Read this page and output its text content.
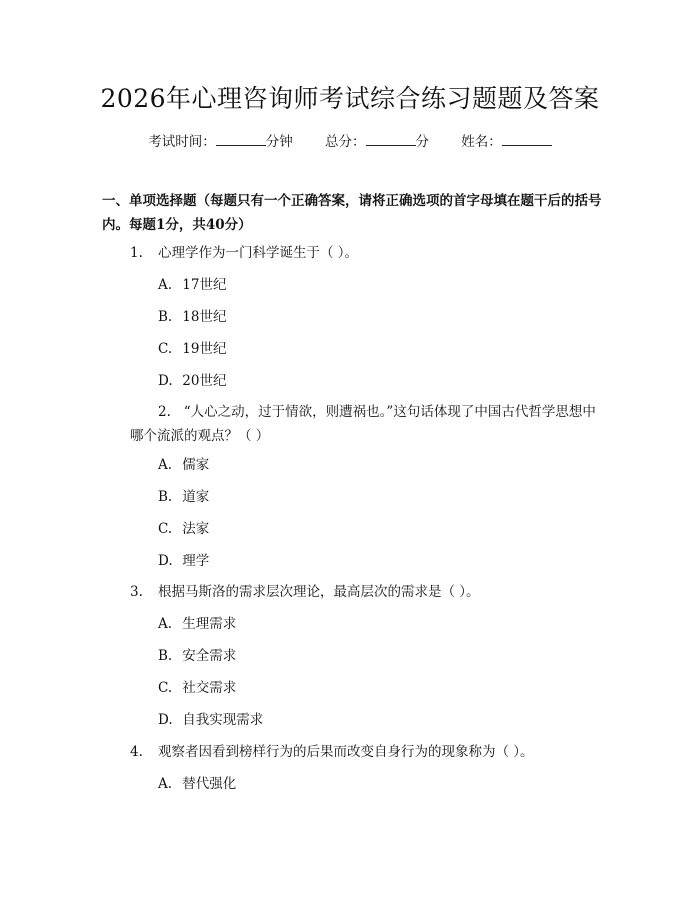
2026年心理咨询师考试综合练习题题及答案
考试时间：	分钟 总分：	分 姓名：
一、单项选择题（每题只有一个正确答案，请将正确选项的首字母填在题干后的括号内。每题1分，共40分）
1. 心理学作为一门科学诞生于（ ）。
A. 17世纪
B. 18世纪
C. 19世纪
D. 20世纪
2. “人心之动，过于情欲，则遭祸也。”这句话体现了中国古代哲学思想中哪个流派的观点？（ ）
A. 儒家
B. 道家
C. 法家
D. 理学
3. 根据马斯洛的需求层次理论，最高层次的需求是（ ）。
A. 生理需求
B. 安全需求
C. 社交需求
D. 自我实现需求
4. 观察者因看到榜样行为的后果而改变自身行为的现象称为（ ）。
A. 替代强化
